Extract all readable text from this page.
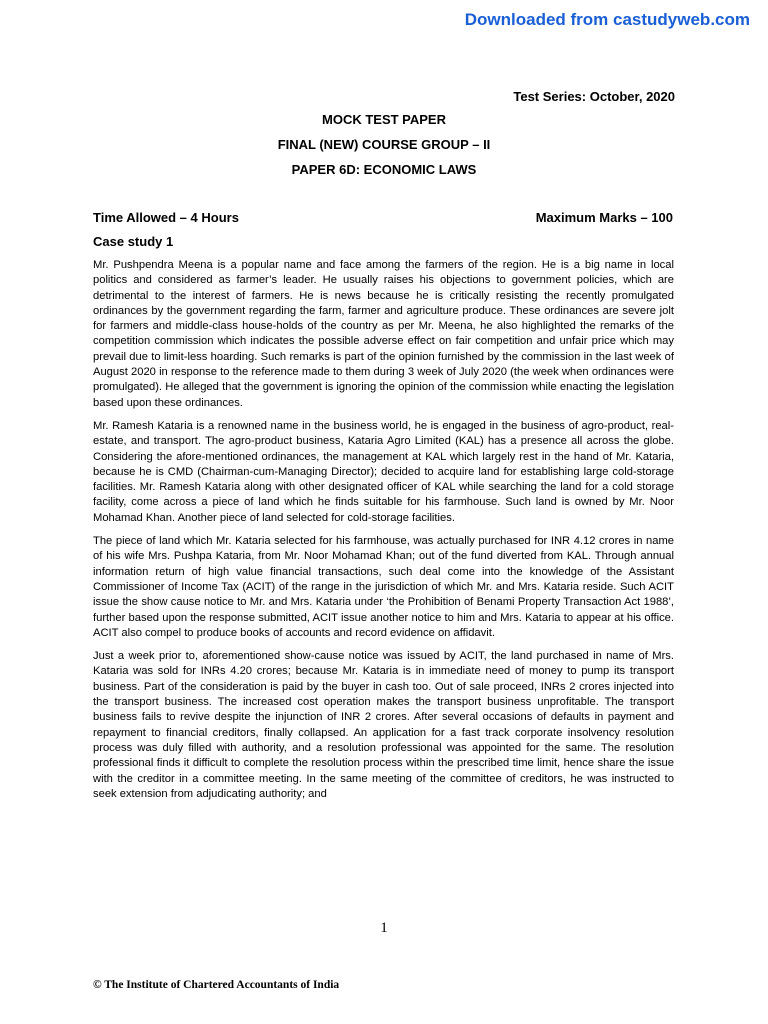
Downloaded from castudyweb.com
Test Series: October, 2020
MOCK TEST PAPER
FINAL (NEW) COURSE GROUP – II
PAPER 6D: ECONOMIC LAWS
Time Allowed – 4 Hours	Maximum Marks – 100
Case study 1

Mr. Pushpendra Meena is a popular name and face among the farmers of the region. He is a big name in local politics and considered as farmer’s leader. He usually raises his objections to government policies, which are detrimental to the interest of farmers. He is news because he is critically resisting the recently promulgated ordinances by the government regarding the farm, farmer and agriculture produce. These ordinances are severe jolt for farmers and middle-class house-holds of the country as per Mr. Meena, he also highlighted the remarks of the competition commission which indicates the possible adverse effect on fair competition and unfair price which may prevail due to limit-less hoarding. Such remarks is part of the opinion furnished by the commission in the last week of August 2020 in response to the reference made to them during 3 week of July 2020 (the week when ordinances were promulgated). He alleged that the government is ignoring the opinion of the commission while enacting the legislation based upon these ordinances.

Mr. Ramesh Kataria is a renowned name in the business world, he is engaged in the business of agro-product, real-estate, and transport. The agro-product business, Kataria Agro Limited (KAL) has a presence all across the globe. Considering the afore-mentioned ordinances, the management at KAL which largely rest in the hand of Mr. Kataria, because he is CMD (Chairman-cum-Managing Director); decided to acquire land for establishing large cold-storage facilities. Mr. Ramesh Kataria along with other designated officer of KAL while searching the land for a cold storage facility, come across a piece of land which he finds suitable for his farmhouse. Such land is owned by Mr. Noor Mohamad Khan. Another piece of land selected for cold-storage facilities.

The piece of land which Mr. Kataria selected for his farmhouse, was actually purchased for INR 4.12 crores in name of his wife Mrs. Pushpa Kataria, from Mr. Noor Mohamad Khan; out of the fund diverted from KAL. Through annual information return of high value financial transactions, such deal come into the knowledge of the Assistant Commissioner of Income Tax (ACIT) of the range in the jurisdiction of which Mr. and Mrs. Kataria reside. Such ACIT issue the show cause notice to Mr. and Mrs. Kataria under ‘the Prohibition of Benami Property Transaction Act 1988’, further based upon the response submitted, ACIT issue another notice to him and Mrs. Kataria to appear at his office. ACIT also compel to produce books of accounts and record evidence on affidavit.

Just a week prior to, aforementioned show-cause notice was issued by ACIT, the land purchased in name of Mrs. Kataria was sold for INRs 4.20 crores; because Mr. Kataria is in immediate need of money to pump its transport business. Part of the consideration is paid by the buyer in cash too. Out of sale proceed, INRs 2 crores injected into the transport business. The increased cost operation makes the transport business unprofitable. The transport business fails to revive despite the injunction of INR 2 crores. After several occasions of defaults in payment and repayment to financial creditors, finally collapsed. An application for a fast track corporate insolvency resolution process was duly filled with authority, and a resolution professional was appointed for the same. The resolution professional finds it difficult to complete the resolution process within the prescribed time limit, hence share the issue with the creditor in a committee meeting. In the same meeting of the committee of creditors, he was instructed to seek extension from adjudicating authority; and

1
© The Institute of Chartered Accountants of India
